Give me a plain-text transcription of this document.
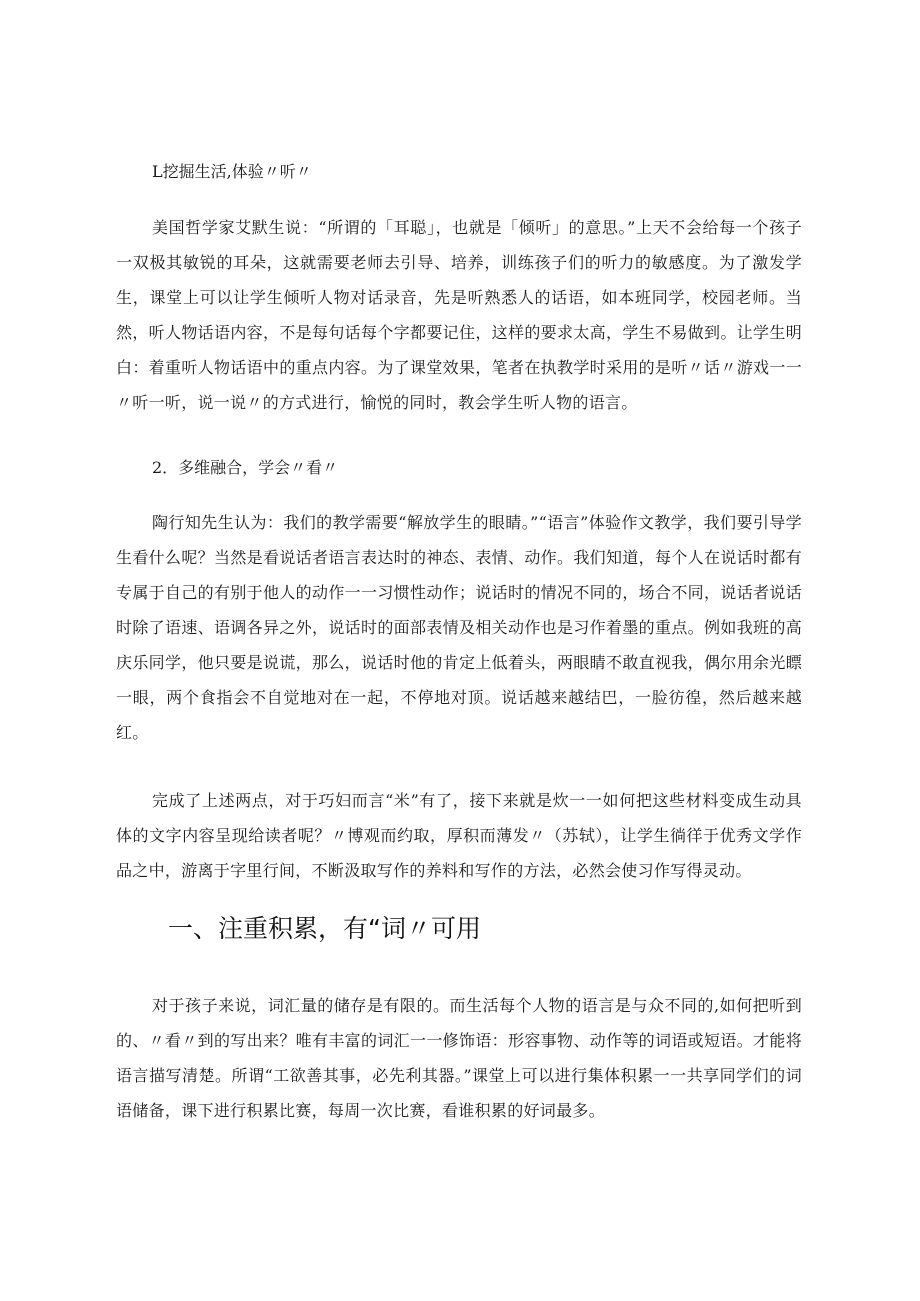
L挖掘生活,体验〃听〃

美国哲学家艾默生说：“所谓的「耳聪」，也就是「倾听」的意思。”上天不会给每一个孩子一双极其敏锐的耳朵，这就需要老师去引导、培养，训练孩子们的听力的敏感度。为了激发学生，课堂上可以让学生倾听人物对话录音，先是听熟悉人的话语，如本班同学，校园老师。当然，听人物话语内容，不是每句话每个字都要记住，这样的要求太高，学生不易做到。让学生明白：着重听人物话语中的重点内容。为了课堂效果，笔者在执教学时采用的是听〃话〃游戏一一〃听一听，说一说〃的方式进行，愉悦的同时，教会学生听人物的语言。

2．多维融合，学会〃看〃

陶行知先生认为：我们的教学需要“解放学生的眼睛。”“语言”体验作文教学，我们要引导学生看什么呢？当然是看说话者语言表达时的神态、表情、动作。我们知道，每个人在说话时都有专属于自己的有别于他人的动作一一习惯性动作；说话时的情况不同的，场合不同，说话者说话时除了语速、语调各异之外，说话时的面部表情及相关动作也是习作着墨的重点。例如我班的高庆乐同学，他只要是说谎，那么，说话时他的肯定上低着头，两眼睛不敢直视我，偶尔用余光瞟一眼，两个食指会不自觉地对在一起，不停地对顶。说话越来越结巴，一脸彷徨，然后越来越红。

完成了上述两点，对于巧妇而言“米”有了，接下来就是炊一一如何把这些材料变成生动具体的文字内容呈现给读者呢？〃博观而约取，厚积而薄发〃（苏轼），让学生徜徉于优秀文学作品之中，游离于字里行间，不断汲取写作的养料和写作的方法，必然会使习作写得灵动。

一、注重积累，有“词〃可用

对于孩子来说，词汇量的储存是有限的。而生活每个人物的语言是与众不同的,如何把听到的、〃看〃到的写出来？唯有丰富的词汇一一修饰语：形容事物、动作等的词语或短语。才能将语言描写清楚。所谓“工欲善其事，必先利其器。”课堂上可以进行集体积累一一共享同学们的词语储备，课下进行积累比赛，每周一次比赛，看谁积累的好词最多。
